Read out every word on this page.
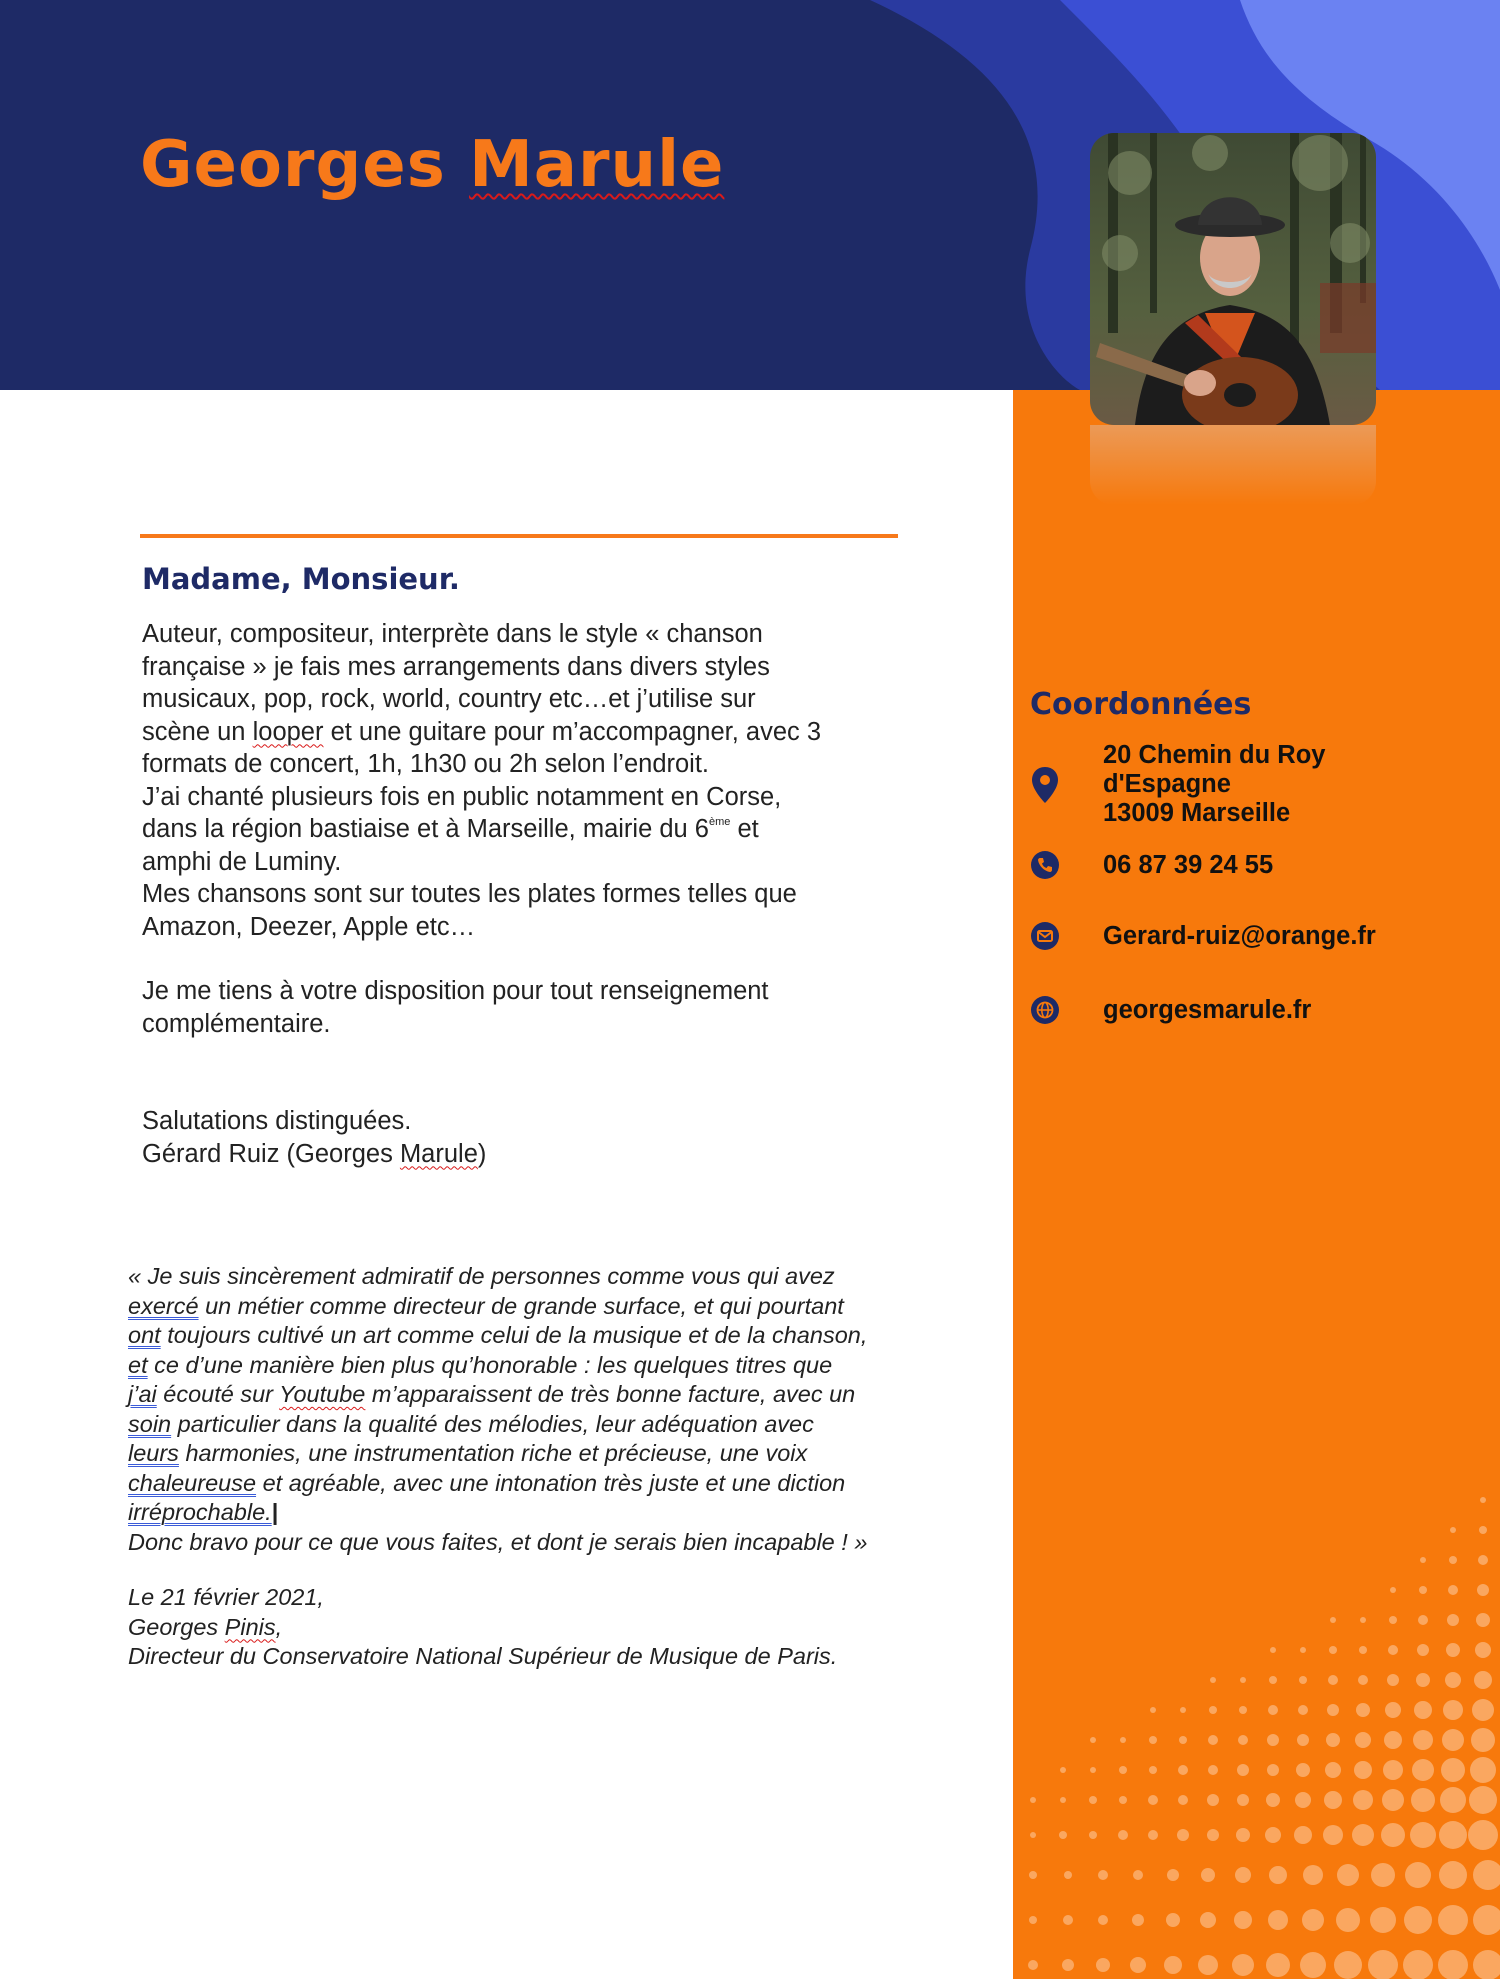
Georges Marule
Madame, Monsieur.

Auteur, compositeur, interprète dans le style « chanson

française » je fais mes arrangements dans divers styles

musicaux, pop, rock, world, country etc…et j’utilise sur

scène un looper et une guitare pour m’accompagner, avec 3

formats de concert, 1h, 1h30 ou 2h selon l’endroit.

J’ai chanté plusieurs fois en public notamment en Corse,

dans la région bastiaise et à Marseille, mairie du 6ème et

amphi de Luminy.

Mes chansons sont sur toutes les plates formes telles que

Amazon, Deezer, Apple etc…

Je me tiens à votre disposition pour tout renseignement

complémentaire.

Salutations distinguées.

Gérard Ruiz (Georges Marule)

« Je suis sincèrement admiratif de personnes comme vous qui avez

exercé un métier comme directeur de grande surface, et qui pourtant

ont toujours cultivé un art comme celui de la musique et de la chanson,

et ce d’une manière bien plus qu’honorable : les quelques titres que

j’ai écouté sur Youtube m’apparaissent de très bonne facture, avec un

soin particulier dans la qualité des mélodies, leur adéquation avec

leurs harmonies, une instrumentation riche et précieuse, une voix

chaleureuse et agréable, avec une intonation très juste et une diction

irréprochable.|

Donc bravo pour ce que vous faites, et dont je serais bien incapable ! »

Le 21 février 2021,

Georges Pinis,

Directeur du Conservatoire National Supérieur de Musique de Paris.

Coordonnées
20 Chemin du Roy
d'Espagne
13009 Marseille
06 87 39 24 55
Gerard-ruiz@orange.fr
georgesmarule.fr
